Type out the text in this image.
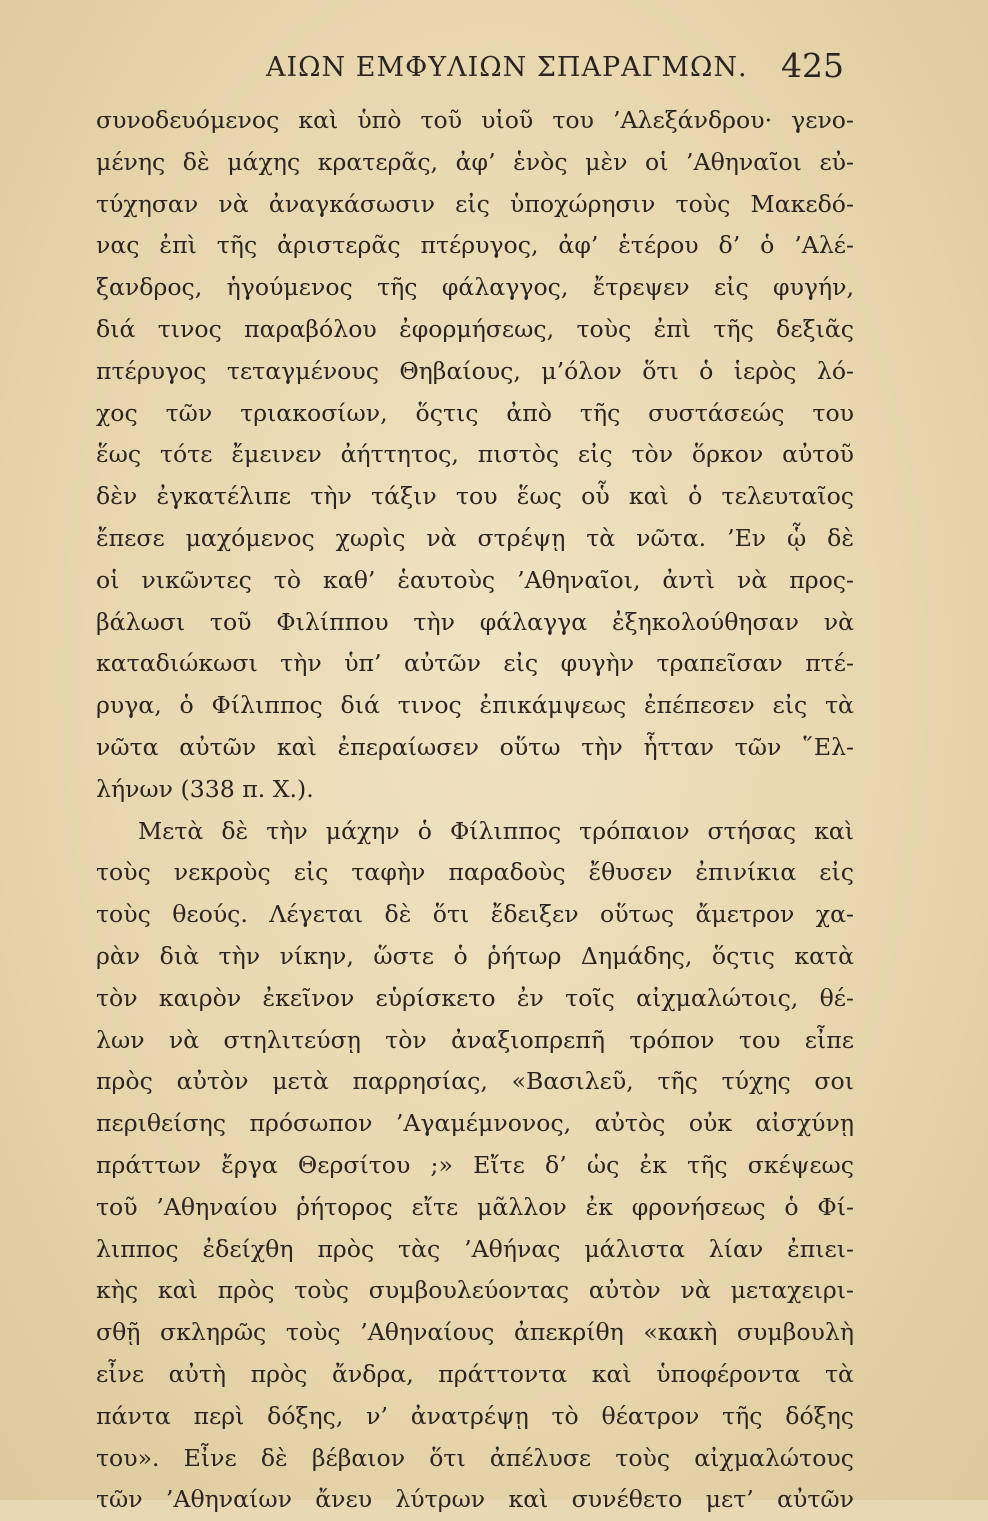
ΑΙΩΝ ΕΜΦΥΛΙΩΝ ΣΠΑΡΑΓΜΩΝ. 425
συνοδευόμενος καὶ ὑπὸ τοῦ υἱοῦ του ’Αλεξάνδρου· γενο-
μένης δὲ μάχης κρατερᾶς, ἀφ’ ἑνὸς μὲν οἱ ’Αθηναῖοι εὐ-
τύχησαν νὰ ἀναγκάσωσιν εἰς ὑποχώρησιν τοὺς Μακεδό-
νας ἐπὶ τῆς ἀριστερᾶς πτέρυγος, ἀφ’ ἑτέρου δ’ ὁ ’Αλέ-
ξανδρος, ἡγούμενος τῆς φάλαγγος, ἔτρεψεν εἰς φυγήν,
διά τινος παραβόλου ἐφορμήσεως, τοὺς ἐπὶ τῆς δεξιᾶς
πτέρυγος τεταγμένους Θηβαίους, μ’όλον ὅτι ὁ ἱερὸς λό-
χος τῶν τριακοσίων, ὅςτις ἀπὸ τῆς συστάσεώς του
ἕως τότε ἔμεινεν ἀήττητος, πιστὸς εἰς τὸν ὅρκον αὐτοῦ
δὲν ἐγκατέλιπε τὴν τάξιν του ἕως οὗ καὶ ὁ τελευταῖος
ἔπεσε μαχόμενος χωρὶς νὰ στρέψῃ τὰ νῶτα. ’Εν ᾧ δὲ
οἱ νικῶντες τὸ καθ’ ἑαυτοὺς ’Αθηναῖοι, ἀντὶ νὰ προς-
βάλωσι τοῦ Φιλίππου τὴν φάλαγγα ἐξηκολούθησαν νὰ
καταδιώκωσι τὴν ὑπ’ αὐτῶν εἰς φυγὴν τραπεῖσαν πτέ-
ρυγα, ὁ Φίλιππος διά τινος ἐπικάμψεως ἐπέπεσεν εἰς τὰ
νῶτα αὐτῶν καὶ ἐπεραίωσεν οὕτω τὴν ἧτταν τῶν ῞Ελ-
λήνων (338 π. Χ.).
Μετὰ δὲ τὴν μάχην ὁ Φίλιππος τρόπαιον στήσας καὶ
τοὺς νεκροὺς εἰς ταφὴν παραδοὺς ἔθυσεν ἐπινίκια εἰς
τοὺς θεούς. Λέγεται δὲ ὅτι ἔδειξεν οὕτως ἄμετρον χα-
ρὰν διὰ τὴν νίκην, ὥστε ὁ ῥήτωρ Δημάδης, ὅςτις κατὰ
τὸν καιρὸν ἐκεῖνον εὑρίσκετο ἐν τοῖς αἰχμαλώτοις, θέ-
λων νὰ στηλιτεύσῃ τὸν ἀναξιοπρεπῆ τρόπον του εἶπε
πρὸς αὐτὸν μετὰ παρρησίας, «Βασιλεῦ, τῆς τύχης σοι
περιθείσης πρόσωπον ’Αγαμέμνονος, αὐτὸς οὐκ αἰσχύνῃ
πράττων ἔργα Θερσίτου ;» Εἴτε δ’ ὡς ἐκ τῆς σκέψεως
τοῦ ’Αθηναίου ῥήτορος εἴτε μᾶλλον ἐκ φρονήσεως ὁ Φί-
λιππος ἐδείχθη πρὸς τὰς ’Αθήνας μάλιστα λίαν ἐπιει-
κὴς καὶ πρὸς τοὺς συμβουλεύοντας αὐτὸν νὰ μεταχειρι-
σθῇ σκληρῶς τοὺς ’Αθηναίους ἀπεκρίθη «κακὴ συμβουλὴ
εἶνε αὐτὴ πρὸς ἄνδρα, πράττοντα καὶ ὑποφέροντα τὰ
πάντα περὶ δόξης, ν’ ἀνατρέψῃ τὸ θέατρον τῆς δόξης
του». Εἶνε δὲ βέβαιον ὅτι ἀπέλυσε τοὺς αἰχμαλώτους
τῶν ’Αθηναίων ἄνευ λύτρων καὶ συνέθετο μετ’ αὐτῶν
